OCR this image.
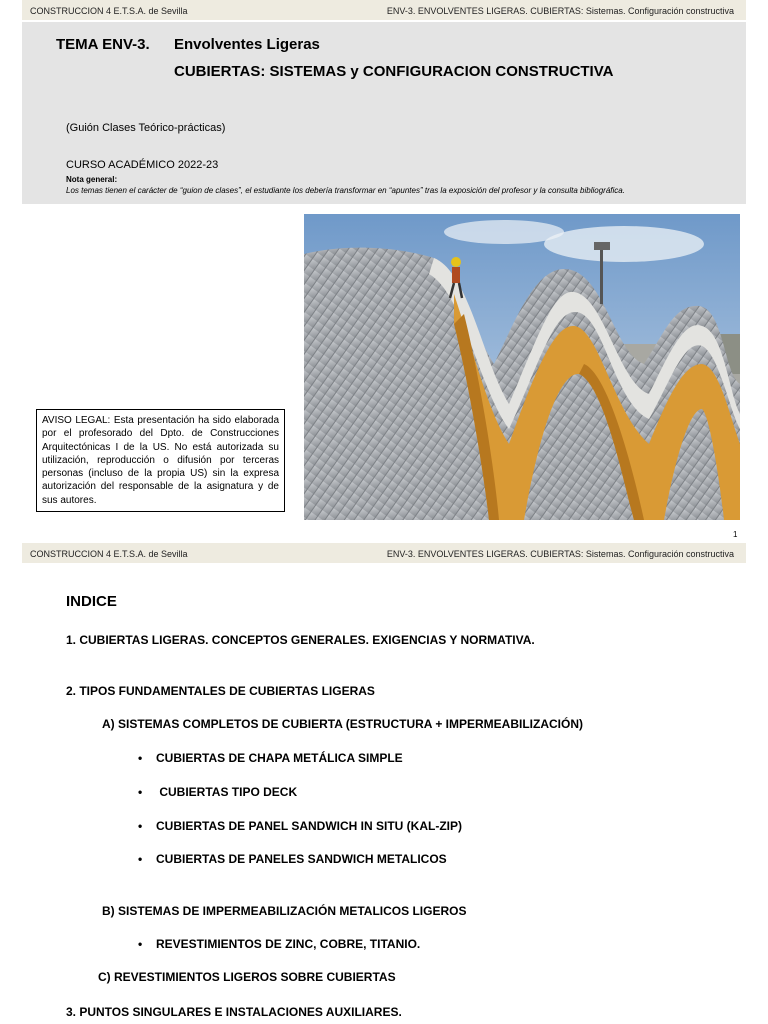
CONSTRUCCION 4 E.T.S.A. de Sevilla	ENV-3. ENVOLVENTES LIGERAS. CUBIERTAS: Sistemas. Configuración constructiva
TEMA ENV-3. Envolventes Ligeras
CUBIERTAS: SISTEMAS y CONFIGURACION CONSTRUCTIVA
(Guión Clases Teórico-prácticas)
CURSO ACADÉMICO 2022-23
Nota general:
Los temas tienen el carácter de “guion de clases”, el estudiante los debería transformar en “apuntes” tras la exposición del profesor y la consulta bibliográfica.
AVISO LEGAL: Esta presentación ha sido elaborada por el profesorado del Dpto. de Construcciones Arquitectónicas I de la US. No está autorizada su utilización, reproducción o difusión por terceras personas (incluso de la propia US) sin la expresa autorización del responsable de la asignatura y de sus autores.
1
CONSTRUCCION 4 E.T.S.A. de Sevilla	ENV-3. ENVOLVENTES LIGERAS. CUBIERTAS: Sistemas. Configuración constructiva
INDICE
1. CUBIERTAS LIGERAS. CONCEPTOS GENERALES. EXIGENCIAS Y NORMATIVA.
2. TIPOS FUNDAMENTALES DE CUBIERTAS LIGERAS
A) SISTEMAS COMPLETOS DE CUBIERTA (ESTRUCTURA + IMPERMEABILIZACIÓN)
• CUBIERTAS DE CHAPA METÁLICA SIMPLE
• CUBIERTAS TIPO DECK
• CUBIERTAS DE PANEL SANDWICH IN SITU (KAL-ZIP)
• CUBIERTAS DE PANELES SANDWICH METALICOS
B) SISTEMAS DE IMPERMEABILIZACIÓN METALICOS LIGEROS
• REVESTIMIENTOS DE ZINC, COBRE, TITANIO.
C) REVESTIMIENTOS LIGEROS SOBRE CUBIERTAS
3. PUNTOS SINGULARES E INSTALACIONES AUXILIARES.
